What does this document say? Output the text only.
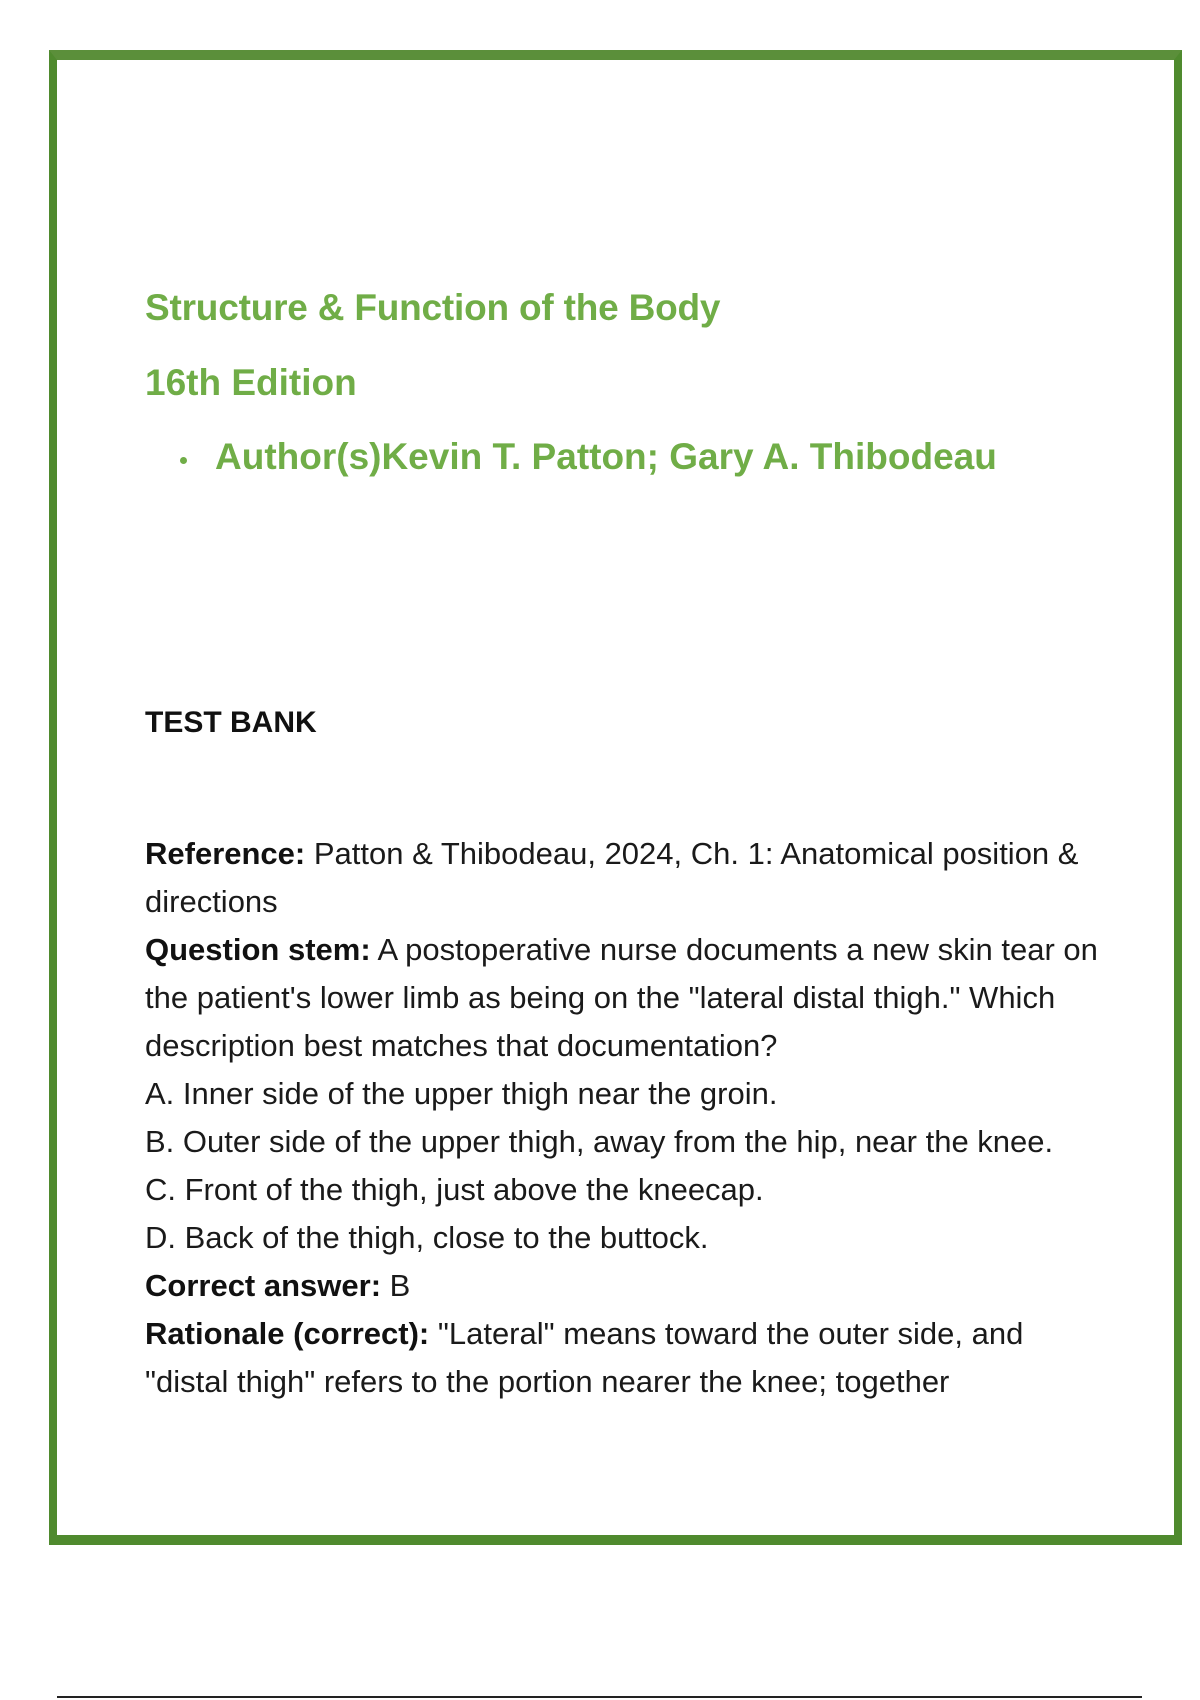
Structure & Function of the Body
16th Edition
Author(s)Kevin T. Patton; Gary A. Thibodeau
TEST BANK

Reference: Patton & Thibodeau, 2024, Ch. 1: Anatomical position & directions

Question stem: A postoperative nurse documents a new skin tear on the patient's lower limb as being on the "lateral distal thigh." Which description best matches that documentation?

A. Inner side of the upper thigh near the groin.

B. Outer side of the upper thigh, away from the hip, near the knee.

C. Front of the thigh, just above the kneecap.

D. Back of the thigh, close to the buttock.

Correct answer: B

Rationale (correct): "Lateral" means toward the outer side, and "distal thigh" refers to the portion nearer the knee; together
